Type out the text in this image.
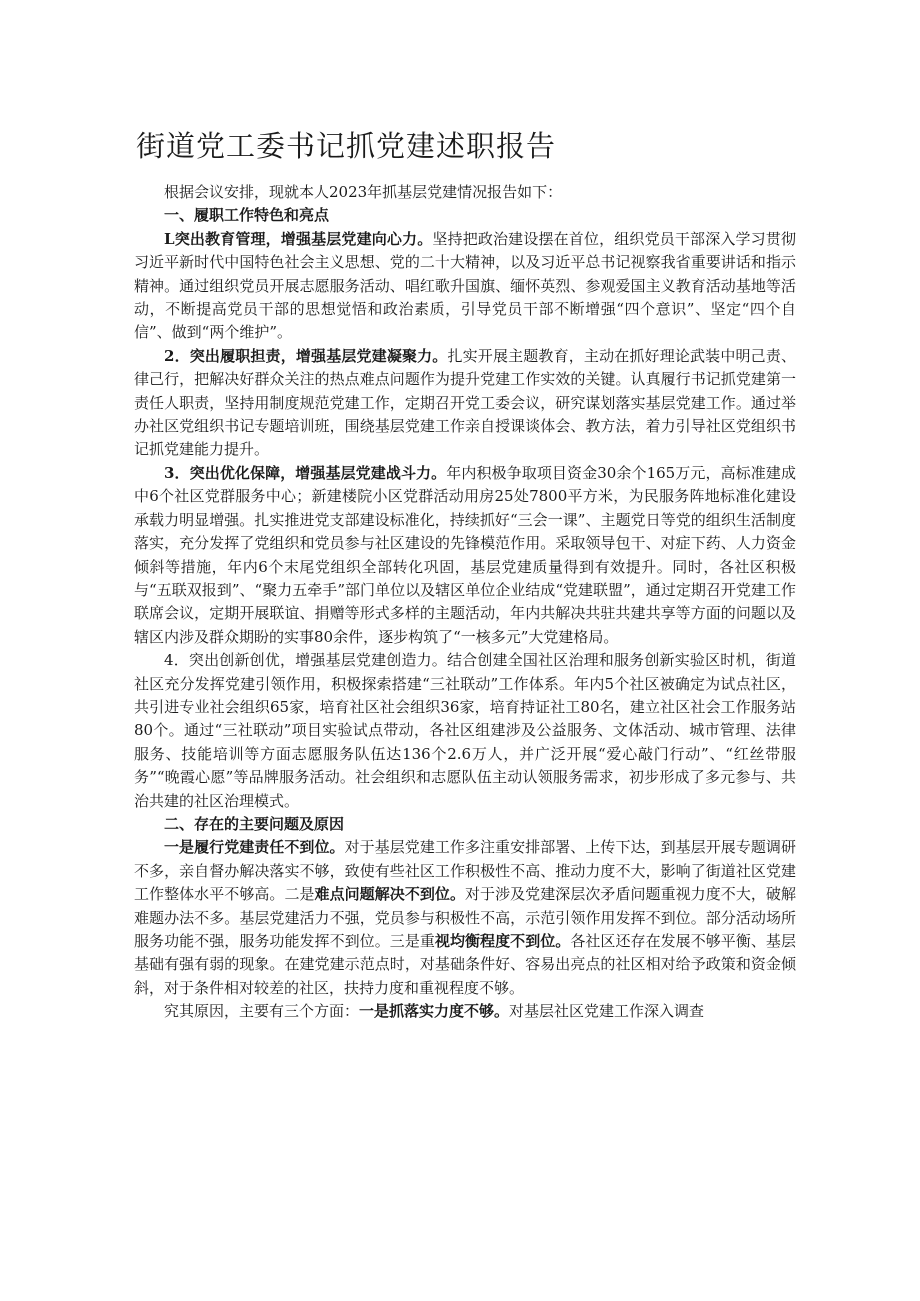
街道党工委书记抓党建述职报告

根据会议安排，现就本人2023年抓基层党建情况报告如下：

一、履职工作特色和亮点

L突出教育管理，增强基层党建向心力。坚持把政治建设摆在首位，组织党员干部深入学习贯彻习近平新时代中国特色社会主义思想、党的二十大精神，以及习近平总书记视察我省重要讲话和指示精神。通过组织党员开展志愿服务活动、唱红歌升国旗、缅怀英烈、参观爱国主义教育活动基地等活动，不断提高党员干部的思想觉悟和政治素质，引导党员干部不断增强“四个意识”、坚定“四个自信”、做到“两个维护”。

2．突出履职担责，增强基层党建凝聚力。扎实开展主题教育，主动在抓好理论武装中明己责、律己行，把解决好群众关注的热点难点问题作为提升党建工作实效的关键。认真履行书记抓党建第一责任人职责，坚持用制度规范党建工作，定期召开党工委会议，研究谋划落实基层党建工作。通过举办社区党组织书记专题培训班，围绕基层党建工作亲自授课谈体会、教方法，着力引导社区党组织书记抓党建能力提升。

3．突出优化保障，增强基层党建战斗力。年内积极争取项目资金30余个165万元，高标准建成中6个社区党群服务中心；新建楼院小区党群活动用房25处7800平方米，为民服务阵地标准化建设承载力明显增强。扎实推进党支部建设标准化，持续抓好“三会一课”、主题党日等党的组织生活制度落实，充分发挥了党组织和党员参与社区建设的先锋模范作用。采取领导包干、对症下药、人力资金倾斜等措施，年内6个末尾党组织全部转化巩固，基层党建质量得到有效提升。同时，各社区积极与“五联双报到”、“聚力五牵手”部门单位以及辖区单位企业结成“党建联盟”，通过定期召开党建工作联席会议，定期开展联谊、捐赠等形式多样的主题活动，年内共解决共驻共建共享等方面的问题以及辖区内涉及群众期盼的实事80余件，逐步构筑了“一核多元”大党建格局。

4．突出创新创优，增强基层党建创造力。结合创建全国社区治理和服务创新实验区时机，街道社区充分发挥党建引领作用，积极探索搭建“三社联动”工作体系。年内5个社区被确定为试点社区，共引进专业社会组织65家，培育社区社会组织36家，培育持证社工80名，建立社区社会工作服务站80个。通过“三社联动”项目实验试点带动，各社区组建涉及公益服务、文体活动、城市管理、法律服务、技能培训等方面志愿服务队伍达136个2.6万人，并广泛开展“爱心敲门行动”、“红丝带服务”“晚霞心愿”等品牌服务活动。社会组织和志愿队伍主动认领服务需求，初步形成了多元参与、共治共建的社区治理模式。

二、存在的主要问题及原因

一是履行党建责任不到位。对于基层党建工作多注重安排部署、上传下达，到基层开展专题调研不多，亲自督办解决落实不够，致使有些社区工作积极性不高、推动力度不大，影响了街道社区党建工作整体水平不够高。二是难点问题解决不到位。对于涉及党建深层次矛盾问题重视力度不大，破解难题办法不多。基层党建活力不强，党员参与积极性不高，示范引领作用发挥不到位。部分活动场所服务功能不强，服务功能发挥不到位。三是重视均衡程度不到位。各社区还存在发展不够平衡、基层基础有强有弱的现象。在建党建示范点时，对基础条件好、容易出亮点的社区相对给予政策和资金倾斜，对于条件相对较差的社区，扶持力度和重视程度不够。

究其原因，主要有三个方面：一是抓落实力度不够。对基层社区党建工作深入调查
